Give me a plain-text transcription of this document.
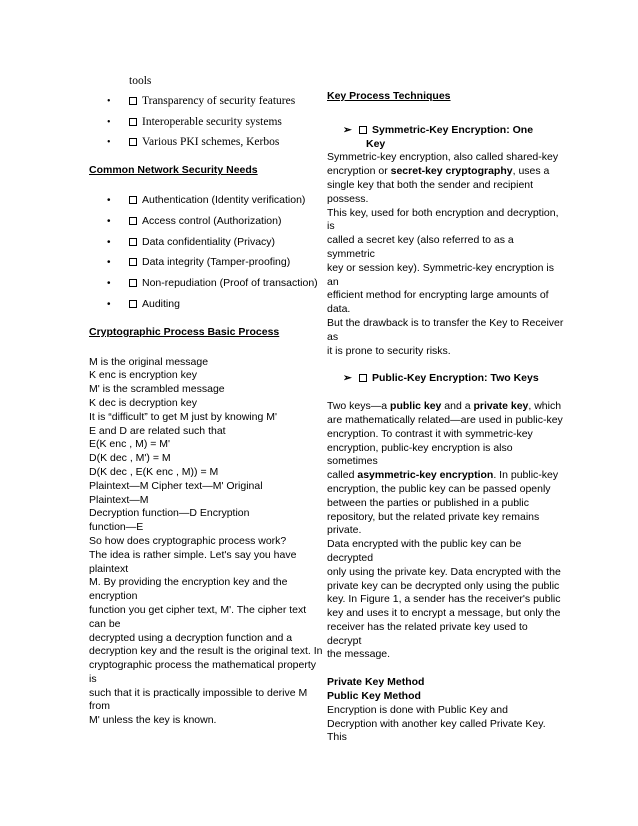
tools
•	Transparency of security features
•	Interoperable security systems
•	Various PKI schemes, Kerbos
Common Network Security Needs
•	Authentication (Identity verification)
•	Access control (Authorization)
•	Data confidentiality (Privacy)
•	Data integrity (Tamper-proofing)
•	Non-repudiation (Proof of transaction)
•	Auditing
Cryptographic Process Basic Process
M is the original message
K enc is encryption key
M' is the scrambled message
K dec is decryption key
It is “difficult” to get M just by knowing M'
E and D are related such that
E(K enc , M) = M'
D(K dec , M') = M
D(K dec , E(K enc , M)) = M
Plaintext—M Cipher text—M' Original
Plaintext—M
Decryption function—D Encryption
function—E
So how does cryptographic process work?
The idea is rather simple. Let's say you have
plaintext
M. By providing the encryption key and the
encryption
function you get cipher text, M'. The cipher text
can be
decrypted using a decryption function and a
decryption key and the result is the original text. In
cryptographic process the mathematical property
is
such that it is practically impossible to derive M
from
M' unless the key is known.
Key Process Techniques
➢ Symmetric-Key Encryption: One
Key
Symmetric-key encryption, also called shared-key
encryption or secret-key cryptography, uses a
single key that both the sender and recipient
possess.
This key, used for both encryption and decryption,
is
called a secret key (also referred to as a
symmetric
key or session key). Symmetric-key encryption is
an
efficient method for encrypting large amounts of
data.
But the drawback is to transfer the Key to Receiver
as
it is prone to security risks.
➢ Public-Key Encryption: Two Keys
Two keys—a public key and a private key, which
are mathematically related—are used in public-key
encryption. To contrast it with symmetric-key
encryption, public-key encryption is also
sometimes
called asymmetric-key encryption. In public-key
encryption, the public key can be passed openly
between the parties or published in a public
repository, but the related private key remains
private.
Data encrypted with the public key can be
decrypted
only using the private key. Data encrypted with the
private key can be decrypted only using the public
key. In Figure 1, a sender has the receiver's public
key and uses it to encrypt a message, but only the
receiver has the related private key used to
decrypt
the message.
Private Key Method
Public Key Method
Encryption is done with Public Key and
Decryption with another key called Private Key.
This
